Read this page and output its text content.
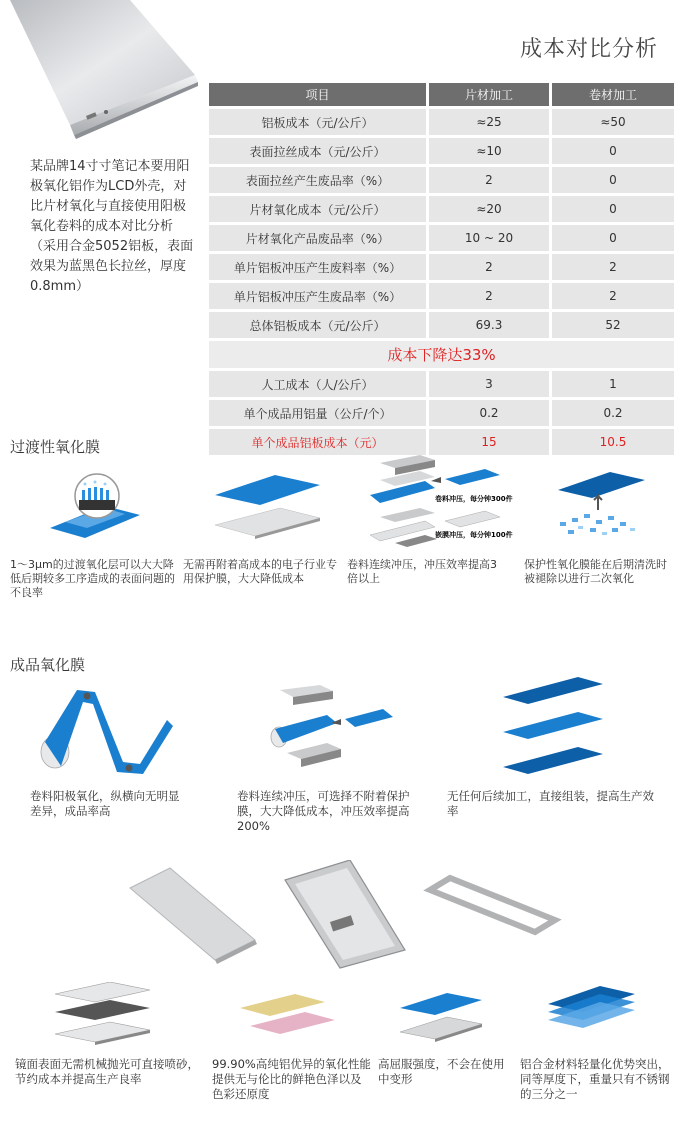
成本对比分析
某品牌14寸寸笔记本要用阳极氧化铝作为LCD外壳，对比片材氧化与直接使用阳极氧化卷料的成本对比分析（采用合金5052铝板，表面效果为蓝黑色长拉丝，厚度0.8mm）
项目	片材加工	卷材加工
铝板成本（元/公斤）	≈25	≈50
表面拉丝成本（元/公斤）	≈10	0
表面拉丝产生废品率（%）	2	0
片材氧化成本（元/公斤）	≈20	0
片材氧化产品废品率（%）	10 ~ 20	0
单片铝板冲压产生废料率（%）	2	2
单片铝板冲压产生废品率（%）	2	2
总体铝板成本（元/公斤）	69.3	52
成本下降达33%		
人工成本（人/公斤）	3	1
单个成品用铝量（公斤/个）	0.2	0.2
单个成品铝板成本（元）	15	10.5
过渡性氧化膜
卷料冲压，每分钟300件
嵌膜冲压，每分钟100件
1～3μm的过渡氧化层可以大大降低后期较多工序造成的表面问题的不良率
无需再附着高成本的电子行业专用保护膜，大大降低成本
卷料连续冲压，冲压效率提高3倍以上
保护性氧化膜能在后期清洗时被褪除以进行二次氧化
成品氧化膜
卷料阳极氧化，纵横向无明显差异，成品率高
卷料连续冲压，可选择不附着保护膜，大大降低成本，冲压效率提高200%
无任何后续加工，直接组装，提高生产效率
镜面表面无需机械抛光可直接喷砂，节约成本并提高生产良率
99.90%高纯铝优异的氧化性能提供无与伦比的鲜艳色泽以及色彩还原度
高屈服强度，不会在使用中变形
铝合金材料轻量化优势突出，同等厚度下，重量只有不锈钢的三分之一
